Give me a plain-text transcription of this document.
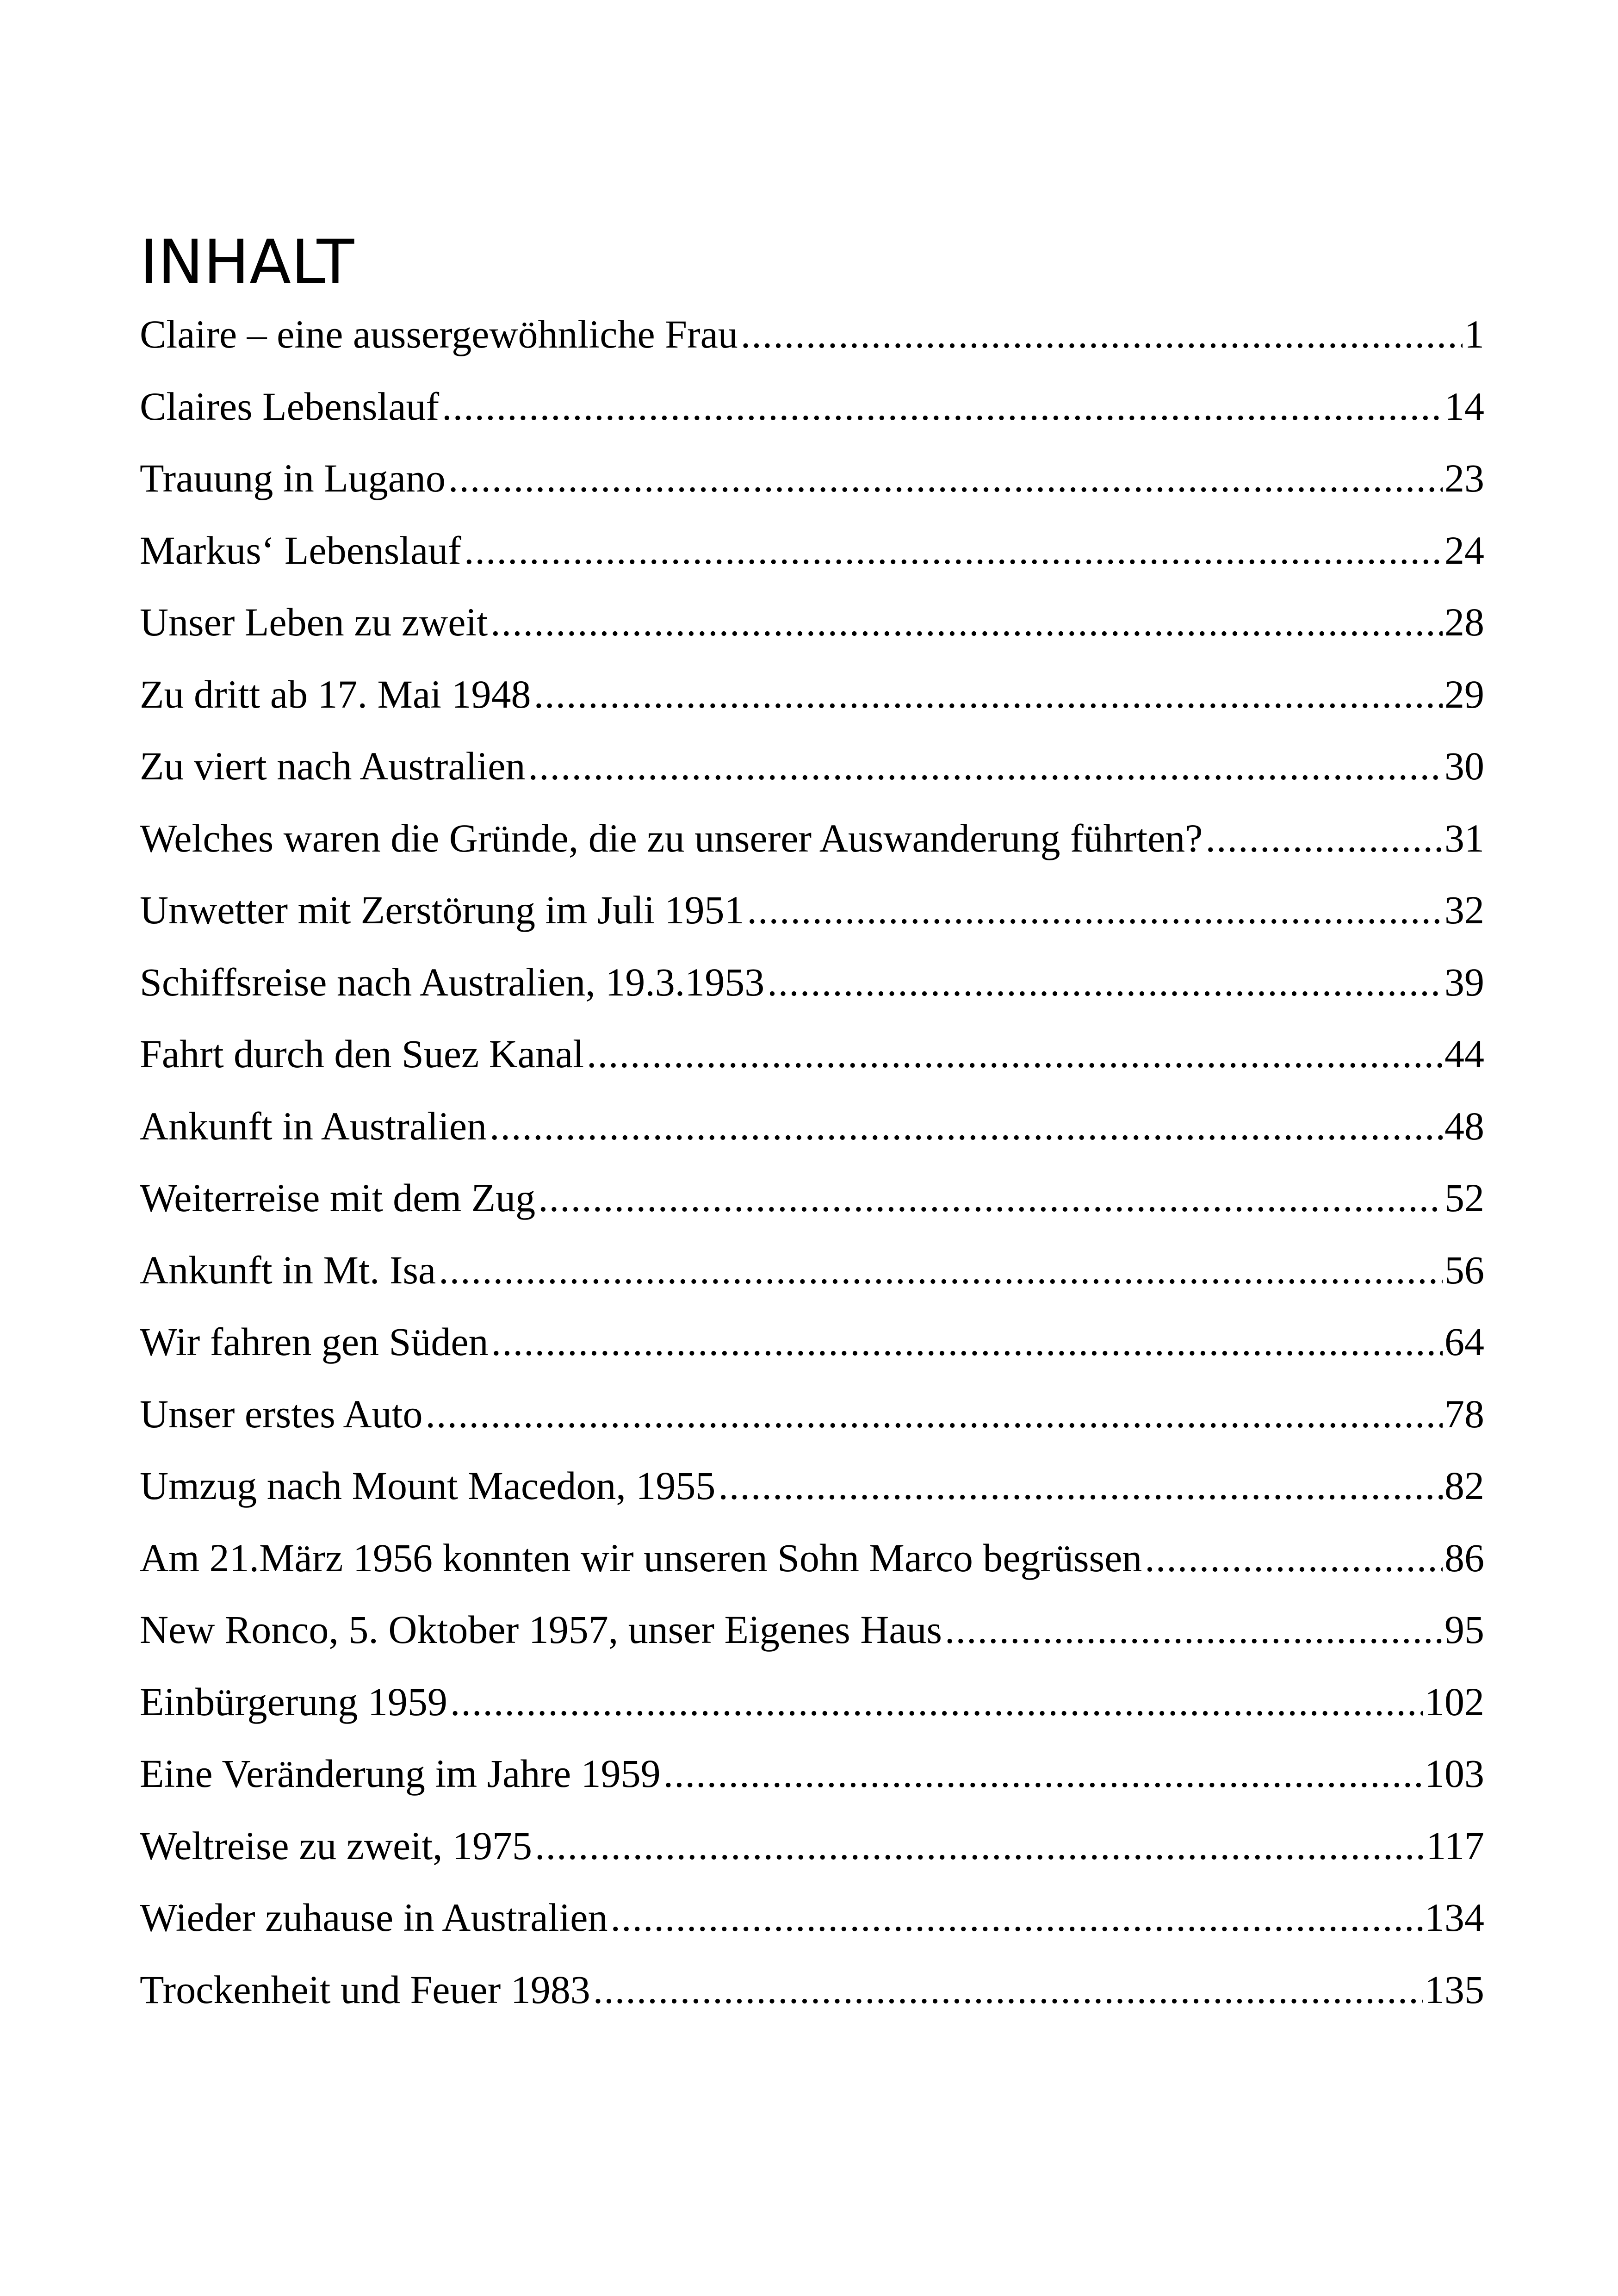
INHALT
Claire – eine aussergewöhnliche Frau .....	1
Claires Lebenslauf .....	14
Trauung in Lugano .....	23
Markus‘ Lebenslauf .....	24
Unser Leben zu zweit .....	28
Zu dritt ab 17. Mai 1948 .....	29
Zu viert nach Australien .....	30
Welches waren die Gründe, die zu unserer Auswanderung führten? .....	31
Unwetter mit Zerstörung im Juli 1951 .....	32
Schiffsreise nach Australien, 19.3.1953 .....	39
Fahrt durch den Suez Kanal .....	44
Ankunft in Australien .....	48
Weiterreise mit dem Zug .....	52
Ankunft in Mt. Isa .....	56
Wir fahren gen Süden .....	64
Unser erstes Auto .....	78
Umzug nach Mount Macedon, 1955 .....	82
Am 21.März 1956 konnten wir unseren Sohn Marco begrüssen .....	86
New Ronco, 5. Oktober 1957, unser Eigenes Haus .....	95
Einbürgerung 1959 .....	102
Eine Veränderung im Jahre 1959 .....	103
Weltreise zu zweit, 1975 .....	117
Wieder zuhause in Australien .....	134
Trockenheit und Feuer 1983 .....	135
